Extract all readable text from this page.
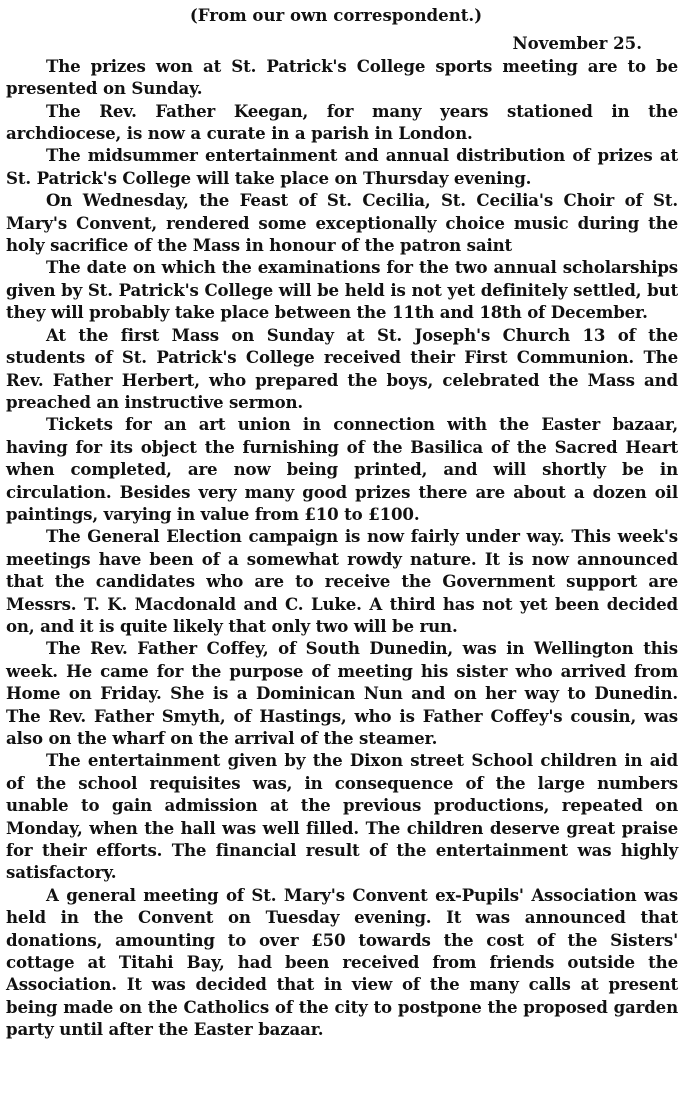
(From our own correspondent.)

November 25.

The prizes won at St. Patrick's College sports meeting are to be presented on Sunday.

The Rev. Father Keegan, for many years stationed in the archdiocese, is now a curate in a parish in London.

The midsummer entertainment and annual distribution of prizes at St. Patrick's College will take place on Thursday evening.

On Wednesday, the Feast of St. Cecilia, St. Cecilia's Choir of St. Mary's Convent, rendered some exceptionally choice music during the holy sacrifice of the Mass in honour of the patron saint

The date on which the examinations for the two annual scholarships given by St. Patrick's College will be held is not yet definitely settled, but they will probably take place between the 11th and 18th of December.

At the first Mass on Sunday at St. Joseph's Church 13 of the students of St. Patrick's College received their First Communion. The Rev. Father Herbert, who prepared the boys, celebrated the Mass and preached an instructive sermon.

Tickets for an art union in connection with the Easter bazaar, having for its object the furnishing of the Basilica of the Sacred Heart when completed, are now being printed, and will shortly be in circulation. Besides very many good prizes there are about a dozen oil paintings, varying in value from £10 to £100.

The General Election campaign is now fairly under way. This week's meetings have been of a somewhat rowdy nature. It is now announced that the candidates who are to receive the Government support are Messrs. T. K. Macdonald and C. Luke. A third has not yet been decided on, and it is quite likely that only two will be run.

The Rev. Father Coffey, of South Dunedin, was in Wellington this week. He came for the purpose of meeting his sister who arrived from Home on Friday. She is a Dominican Nun and on her way to Dunedin. The Rev. Father Smyth, of Hastings, who is Father Coffey's cousin, was also on the wharf on the arrival of the steamer.

The entertainment given by the Dixon street School children in aid of the school requisites was, in consequence of the large numbers unable to gain admission at the previous productions, repeated on Monday, when the hall was well filled. The children deserve great praise for their efforts. The financial result of the entertainment was highly satisfactory.

A general meeting of St. Mary's Convent ex-Pupils' Association was held in the Convent on Tuesday evening. It was announced that donations, amounting to over £50 towards the cost of the Sisters' cottage at Titahi Bay, had been received from friends outside the Association. It was decided that in view of the many calls at present being made on the Catholics of the city to postpone the proposed garden party until after the Easter bazaar.
